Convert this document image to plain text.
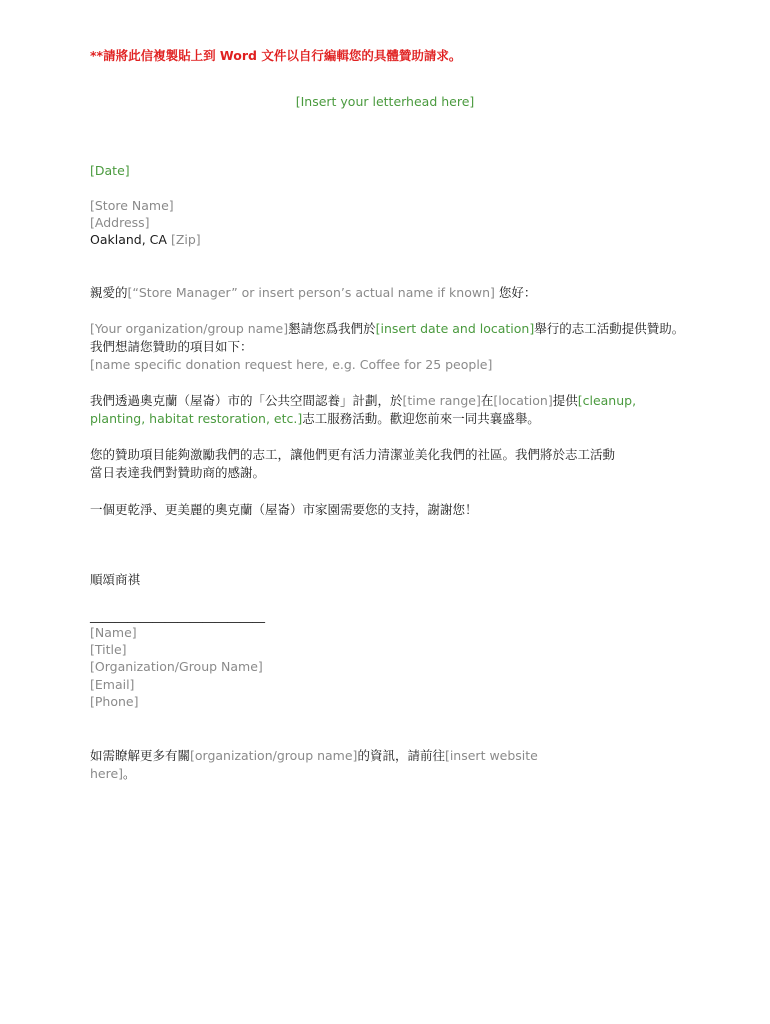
**請將此信複製貼上到 Word 文件以自行編輯您的具體贊助請求。
[Insert your letterhead here]
[Date]
[Store Name]
[Address]
Oakland, CA [Zip]
親愛的[“Store Manager” or insert person’s actual name if known] 您好：
[Your organization/group name]懇請您爲我們於[insert date and location]舉行的志工活動提供贊助。
我們想請您贊助的項目如下：
[name specific donation request here, e.g. Coffee for 25 people]
我們透過奧克蘭（屋崙）市的「公共空間認養」計劃，於[time range]在[location]提供[cleanup,
planting, habitat restoration, etc.]志工服務活動。歡迎您前來一同共襄盛舉。
您的贊助項目能夠激勵我們的志工，讓他們更有活力清潔並美化我們的社區。我們將於志工活動
當日表達我們對贊助商的感謝。
一個更乾淨、更美麗的奧克蘭（屋崙）市家園需要您的支持，謝謝您！
順頌商祺
____________________________
[Name]
[Title]
[Organization/Group Name]
[Email]
[Phone]
如需瞭解更多有關[organization/group name]的資訊，請前往[insert website
here]。
